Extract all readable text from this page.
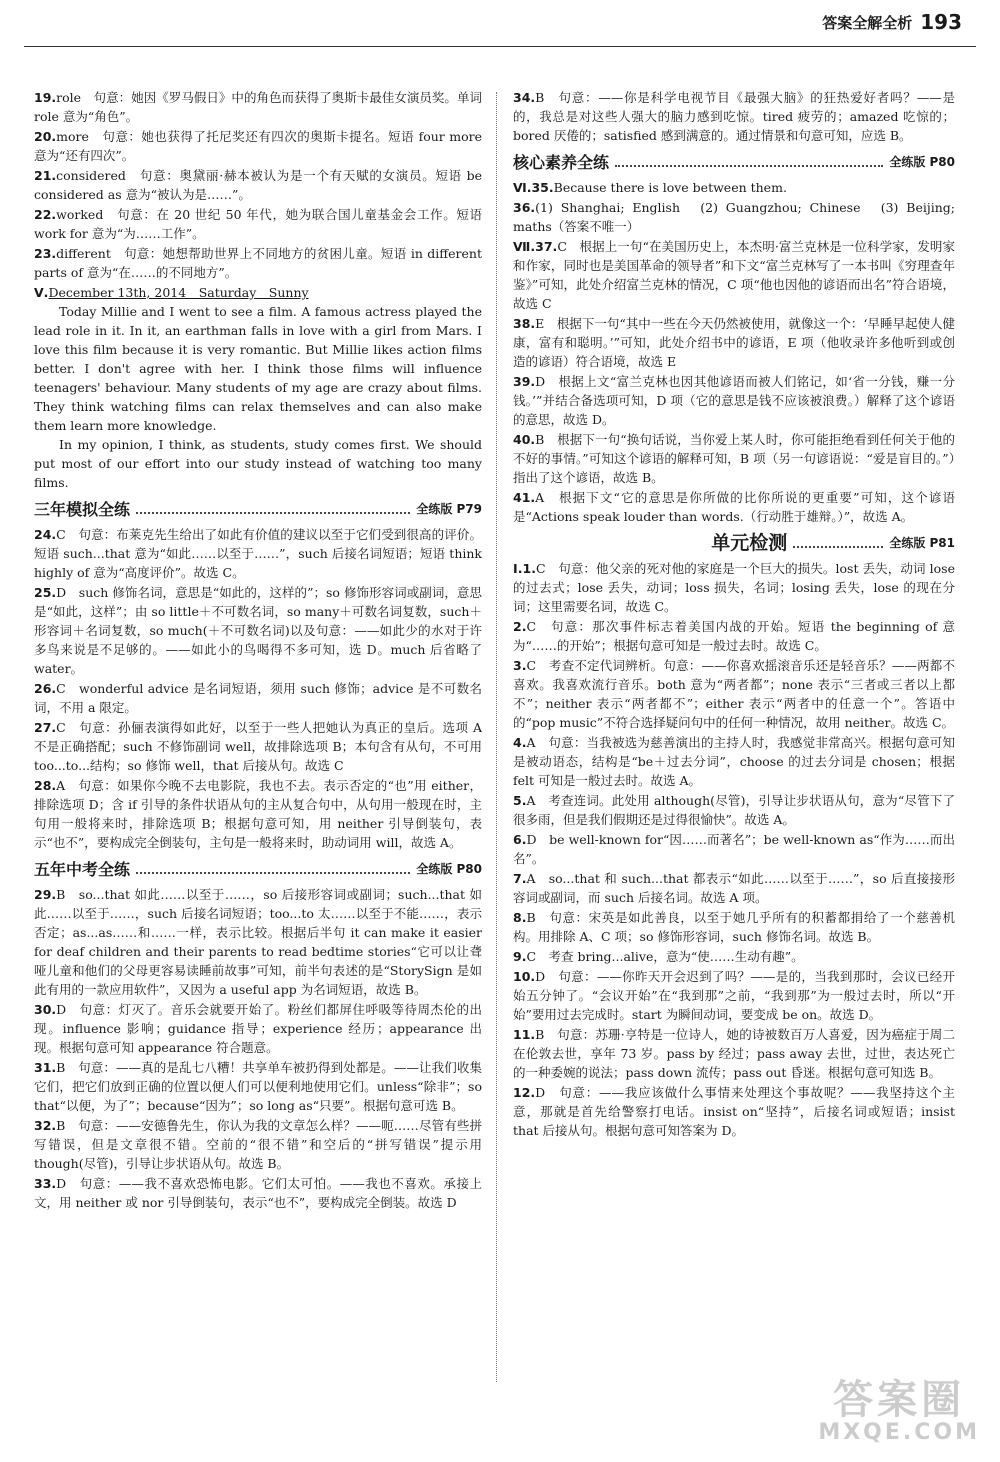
答案全解全析 193
19.role　句意：她因《罗马假日》中的角色而获得了奥斯卡最佳女演员奖。单词 role 意为“角色”。
20.more　句意：她也获得了托尼奖还有四次的奥斯卡提名。短语 four more 意为“还有四次”。
21.considered　句意：奥黛丽·赫本被认为是一个有天赋的女演员。短语 be considered as 意为“被认为是……”。
22.worked　句意：在 20 世纪 50 年代，她为联合国儿童基金会工作。短语 work for 意为“为……工作”。
23.different　句意：她想帮助世界上不同地方的贫困儿童。短语 in different parts of 意为“在……的不同地方”。
Ⅴ.December 13th, 2014　Saturday　Sunny

Today Millie and I went to see a film. A famous actress played the lead role in it. In it, an earthman falls in love with a girl from Mars. I love this film because it is very romantic. But Millie likes action films better. I don't agree with her. I think those films will influence teenagers' behaviour. Many students of my age are crazy about films. They think watching films can relax themselves and can also make them learn more knowledge.

In my opinion, I think, as students, study comes first. We should put most of our effort into our study instead of watching too many films.

三年模拟全练	全练版 P79
24.C　句意：布莱克先生给出了如此有价值的建议以至于它们受到很高的评价。短语 such...that 意为“如此……以至于……”，such 后接名词短语；短语 think highly of 意为“高度评价”。故选 C。
25.D　such 修饰名词，意思是“如此的，这样的”；so 修饰形容词或副词，意思是“如此，这样”；由 so little＋不可数名词，so many＋可数名词复数，such＋形容词＋名词复数，so much(＋不可数名词)以及句意：——如此少的水对于许多鸟来说是不足够的。——如此小的鸟喝得不多可知，选 D。much 后省略了 water。
26.C　wonderful advice 是名词短语，须用 such 修饰；advice 是不可数名词，不用 a 限定。
27.C　句意：孙俪表演得如此好，以至于一些人把她认为真正的皇后。选项 A 不是正确搭配；such 不修饰副词 well，故排除选项 B；本句含有从句，不可用 too...to...结构；so 修饰 well，that 后接从句。故选 C
28.A　句意：如果你今晚不去电影院，我也不去。表示否定的“也”用 either，排除选项 D；含 if 引导的条件状语从句的主从复合句中，从句用一般现在时，主句用一般将来时，排除选项 B；根据句意可知，用 neither 引导倒装句，表示“也不”，要构成完全倒装句，主句是一般将来时，助动词用 will，故选 A。
五年中考全练	全练版 P80
29.B　so...that 如此……以至于……，so 后接形容词或副词；such...that 如此……以至于……，such 后接名词短语；too...to 太……以至于不能……，表示否定；as...as……和……一样，表示比较。根据后半句 it can make it easier for deaf children and their parents to read bedtime stories“它可以让聋哑儿童和他们的父母更容易读睡前故事”可知，前半句表述的是“StorySign 是如此有用的一款应用软件”，又因为 a useful app 为名词短语，故选 B。
30.D　句意：灯灭了。音乐会就要开始了。粉丝们都屏住呼吸等待周杰伦的出现。influence 影响；guidance 指导；experience 经历；appearance 出现。根据句意可知 appearance 符合题意。
31.B　句意：——真的是乱七八糟！共享单车被扔得到处都是。——让我们收集它们，把它们放到正确的位置以便人们可以便利地使用它们。unless“除非”；so that“以便，为了”；because“因为”；so long as“只要”。根据句意可选 B。
32.B　句意：——安德鲁先生，你认为我的文章怎么样？——呃……尽管有些拼写错误，但是文章很不错。空前的“很不错”和空后的“拼写错误”提示用 though(尽管)，引导让步状语从句。故选 B。
33.D　句意：——我不喜欢恐怖电影。它们太可怕。——我也不喜欢。承接上文，用 neither 或 nor 引导倒装句，表示“也不”，要构成完全倒装。故选 D
34.B　句意：——你是科学电视节目《最强大脑》的狂热爱好者吗？——是的，我总是对这些人强大的脑力感到吃惊。tired 疲劳的；amazed 吃惊的；bored 厌倦的；satisfied 感到满意的。通过情景和句意可知，应选 B。
核心素养全练	全练版 P80
Ⅵ.35.Because there is love between them.
36.(1) Shanghai; English　(2) Guangzhou; Chinese　(3) Beijing; maths（答案不唯一）
Ⅶ.37.C　根据上一句“在美国历史上，本杰明·富兰克林是一位科学家，发明家和作家，同时也是美国革命的领导者”和下文“富兰克林写了一本书叫《穷理查年鉴》”可知，此处介绍富兰克林的情况，C 项“他也因他的谚语而出名”符合语境，故选 C
38.E　根据下一句“其中一些在今天仍然被使用，就像这一个：‘早睡早起使人健康，富有和聪明。’”可知，此处介绍书中的谚语，E 项（他收录许多他听到或创造的谚语）符合语境，故选 E
39.D　根据上文“富兰克林也因其他谚语而被人们铭记，如‘省一分钱，赚一分钱。’”并结合备选项可知，D 项（它的意思是钱不应该被浪费。）解释了这个谚语的意思，故选 D。
40.B　根据下一句“换句话说，当你爱上某人时，你可能拒绝看到任何关于他的不好的事情。”可知这个谚语的解释可知，B 项（另一句谚语说：“爱是盲目的。”）指出了这个谚语，故选 B。
41.A　根据下文“它的意思是你所做的比你所说的更重要”可知，这个谚语是“Actions speak louder than words.（行动胜于雄辩。）”，故选 A。
单元检测	全练版 P81
Ⅰ.1.C　句意：他父亲的死对他的家庭是一个巨大的损失。lost 丢失，动词 lose 的过去式；lose 丢失，动词；loss 损失，名词；losing 丢失，lose 的现在分词；这里需要名词，故选 C。
2.C　句意：那次事件标志着美国内战的开始。短语 the beginning of 意为“……的开始”；根据句意可知是一般过去时。故选 C。
3.C　考查不定代词辨析。句意：——你喜欢摇滚音乐还是轻音乐？——两都不喜欢。我喜欢流行音乐。both 意为“两者都”；none 表示“三者或三者以上都不”；neither 表示“两者都不”；either 表示“两者中的任意一个”。答语中的“pop music”不符合选择疑问句中的任何一种情况，故用 neither。故选 C。
4.A　句意：当我被选为慈善演出的主持人时，我感觉非常高兴。根据句意可知是被动语态，结构是“be＋过去分词”，choose 的过去分词是 chosen；根据 felt 可知是一般过去时。故选 A。
5.A　考查连词。此处用 although(尽管)，引导让步状语从句，意为“尽管下了很多雨，但是我们假期还是过得很愉快”。故选 A。
6.D　be well-known for“因……而著名”；be well-known as“作为……而出名”。
7.A　so...that 和 such...that 都表示“如此……以至于……”，so 后直接接形容词或副词，而 such 后接名词。故选 A 项。
8.B　句意：宋英是如此善良，以至于她几乎所有的积蓄都捐给了一个慈善机构。用排除 A、C 项；so 修饰形容词，such 修饰名词。故选 B。
9.C　考查 bring...alive，意为“使……生动有趣”。
10.D　句意：——你昨天开会迟到了吗？——是的，当我到那时，会议已经开始五分钟了。“会议开始”在“我到那”之前，“我到那”为一般过去时，所以“开始”要用过去完成时。start 为瞬间动词，要变成 be on。故选 D。
11.B　句意：苏珊·亨特是一位诗人，她的诗被数百万人喜爱，因为癌症于周二在伦敦去世，享年 73 岁。pass by 经过；pass away 去世，过世，表达死亡的一种委婉的说法；pass down 流传；pass out 昏迷。根据句意可知选 B。
12.D　句意：——我应该做什么事情来处理这个事故呢？——我坚持这个主意，那就是首先给警察打电话。insist on“坚持”，后接名词或短语；insist that 后接从句。根据句意可知答案为 D。
答案圈
MXQE.COM
